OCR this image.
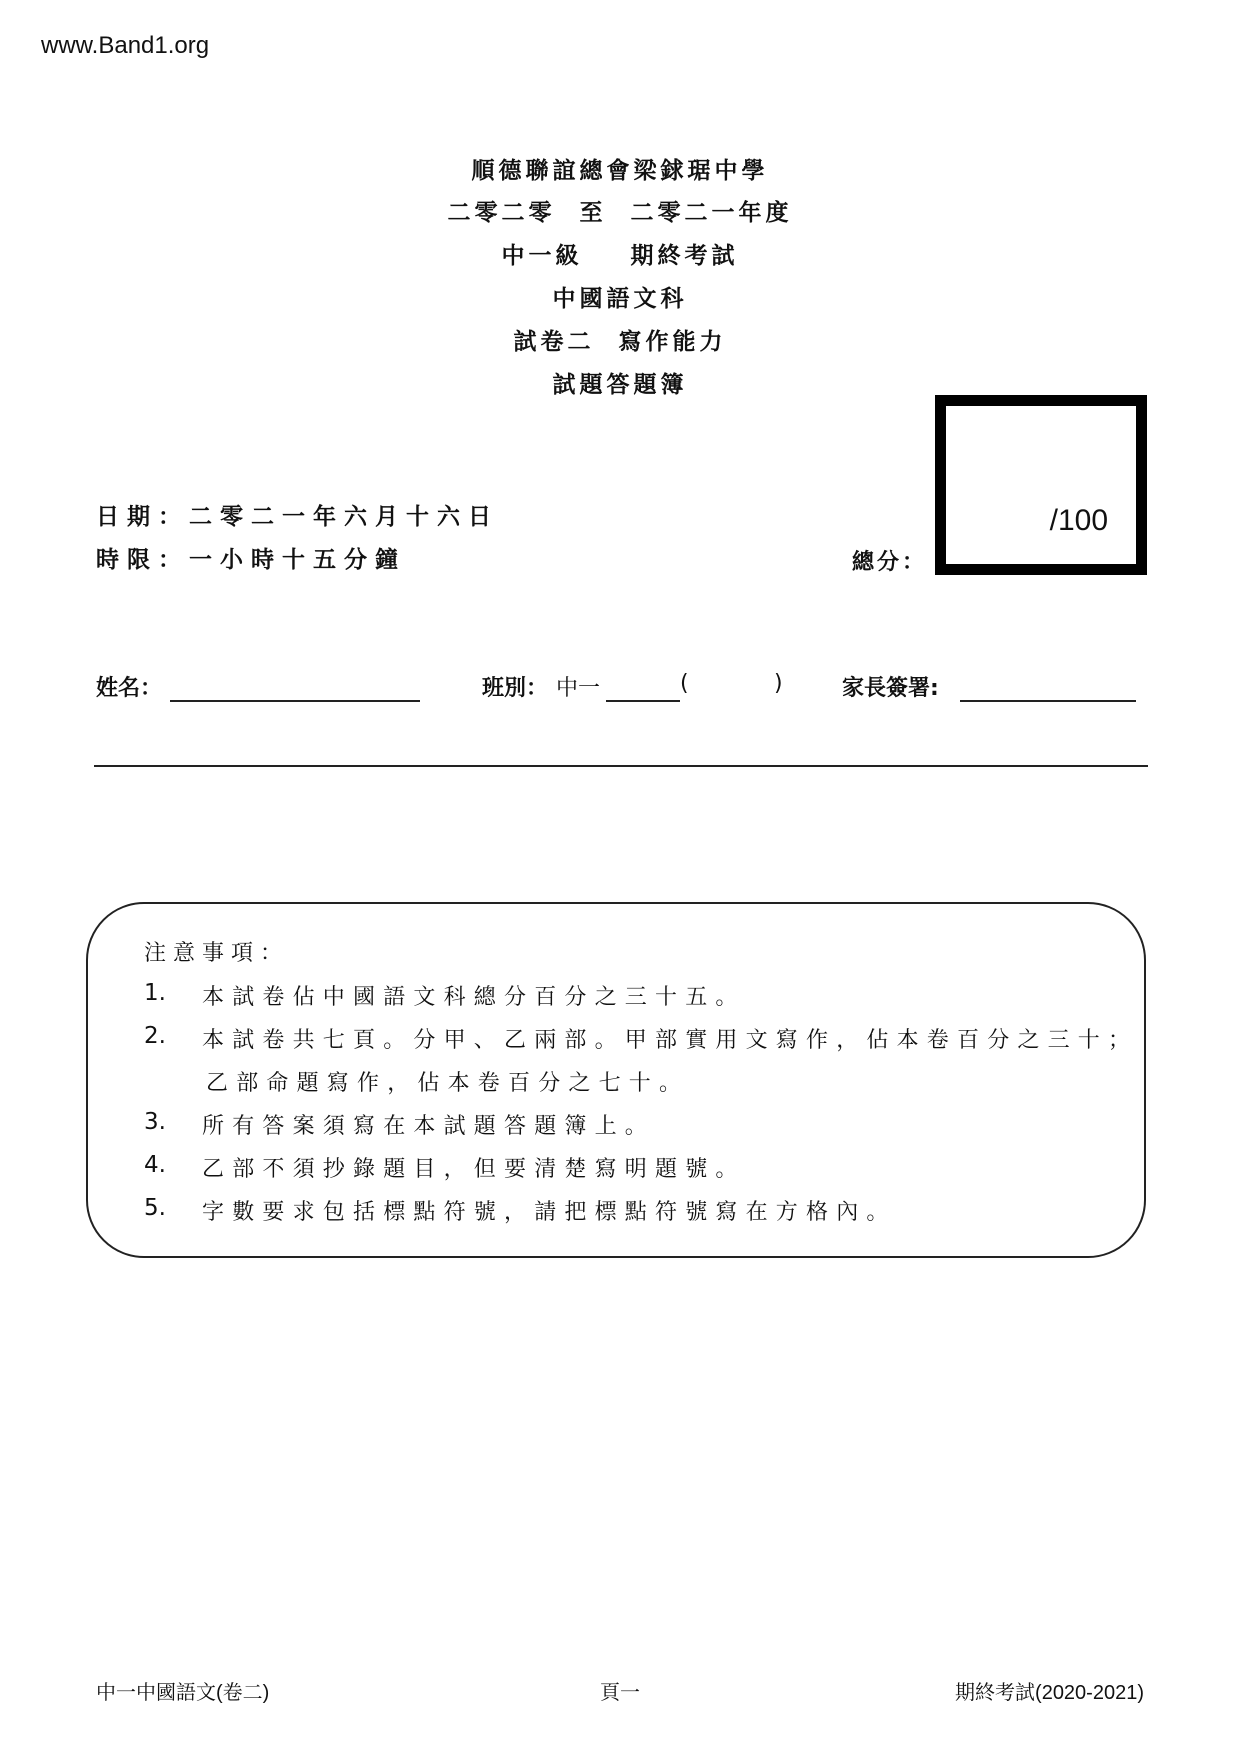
www.Band1.org
順德聯誼總會梁銶琚中學
二零二零  至  二零二一年度
中一級    期終考試
中國語文科
試卷二  寫作能力
試題答題簿
日期：二零二一年六月十六日
時限：一小時十五分鐘	總分：
/100
姓名：	班別： 中一	(	)	家長簽署:
注意事項：
1. 本試卷佔中國語文科總分百分之三十五。
2. 本試卷共七頁。分甲、乙兩部。甲部實用文寫作，佔本卷百分之三十；
乙部命題寫作，佔本卷百分之七十。
3. 所有答案須寫在本試題答題簿上。
4. 乙部不須抄錄題目，但要清楚寫明題號。
5. 字數要求包括標點符號，請把標點符號寫在方格內。
中一中國語文(卷二)	頁一	期終考試(2020-2021)
